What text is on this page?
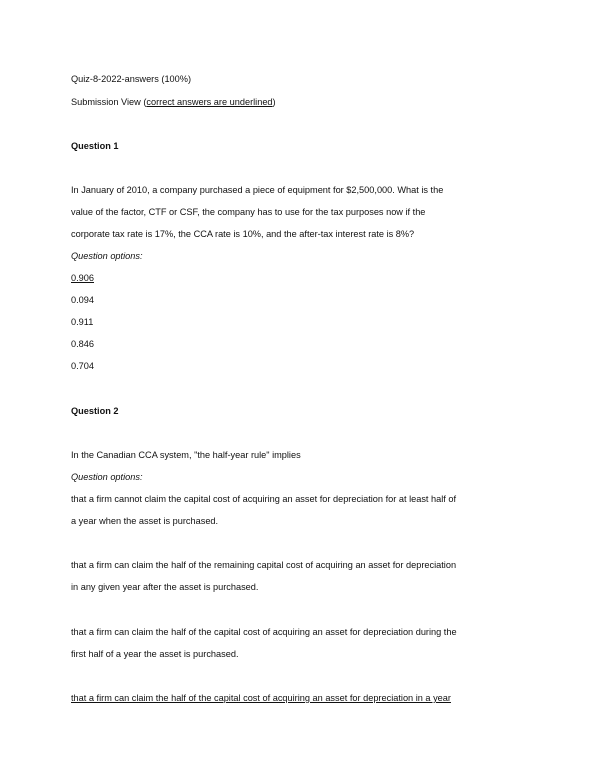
Quiz-8-2022-answers (100%)
Submission View (correct answers are underlined)
Question 1
In January of 2010, a company purchased a piece of equipment for $2,500,000. What is the
value of the factor, CTF or CSF, the company has to use for the tax purposes now if the
corporate tax rate is 17%, the CCA rate is 10%, and the after-tax interest rate is 8%?
Question options:
0.906
0.094
0.911
0.846
0.704
Question 2
In the Canadian CCA system, "the half-year rule" implies
Question options:
that a firm cannot claim the capital cost of acquiring an asset for depreciation for at least half of
a year when the asset is purchased.
that a firm can claim the half of the remaining capital cost of acquiring an asset for depreciation
in any given year after the asset is purchased.
that a firm can claim the half of the capital cost of acquiring an asset for depreciation during the
first half of a year the asset is purchased.
that a firm can claim the half of the capital cost of acquiring an asset for depreciation in a year
